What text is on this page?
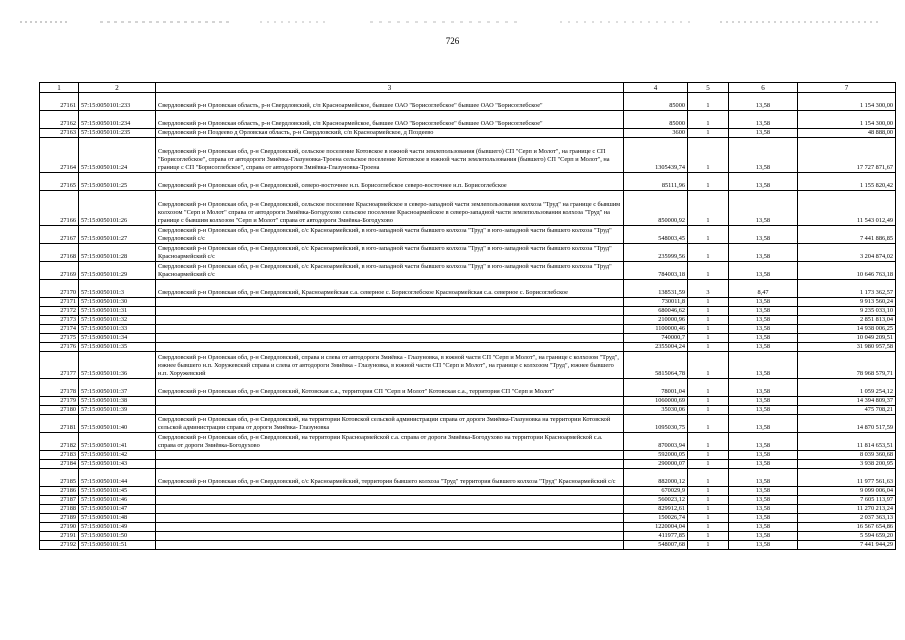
726
1	2	3	4	5	6	7
27161	57:15:0050101:233	Свердловский р-н Орловская область, р-н Свердловский, с/п Красноармейское, бывшее ОАО "Борисоглебское" бывшее ОАО "Борисоглебское"	85000	1	13,58	1 154 300,00
27162	57:15:0050101:234	Свердловский р-н Орловская область, р-н Свердловский, с/п Красноармейское, бывшее ОАО "Борисоглебское" бывшее ОАО "Борисоглебское"	85000	1	13,58	1 154 300,00
27163	57:15:0050101:235	Свердловский р-н Поздеево д Орловская область, р-н Свердловский, с/п Красноармейское, д Поздеево	3600	1	13,58	48 888,00
27164	57:15:0050101:24	Свердловский р-н Орловская обл, р-н Свердловский, сельское поселение Котовское в южной части землепользования (бывшего) СП "Серп и Молот", на границе с СП "Борисоглебское", справа от автодороги Змиёвка-Глазуновка-Троена сельское поселение Котовское в южной части землепользования (бывшего) СП "Серп и Молот", на границе с СП "Борисоглебское", справа от автодороги Змиёвка-Глазуновка-Троена	1305439,74	1	13,58	17 727 871,67
27165	57:15:0050101:25	Свердловский р-н Орловская обл, р-н Свердловский, северо-восточнее н.п. Борисоглебское северо-восточнее н.п. Борисоглебское	85111,96	1	13,58	1 155 820,42
27166	57:15:0050101:26	Свердловский р-н Орловская обл, р-н Свердловский, сельское поселение Красноармейское в северо-западной части землепользования колхоза "Труд" на границе с бывшим колхозом "Серп и Молот" справа от автодороги Змиёвка-Богодухово сельское поселение Красноармейское в северо-западной части землепользования колхоза "Труд" на границе с бывшим колхозом "Серп и Молот" справа от автодороги Змиёвка-Богодухово	850000,92	1	13,58	11 543 012,49
27167	57:15:0050101:27	Свердловский р-н Орловская обл, р-н Свердловский, с/с Красноармейский, в юго-западной части бывшего колхоза "Труд" в юго-западной части бывшего колхоза "Труд" Свердловский с/с	548003,45	1	13,58	7 441 886,85
27168	57:15:0050101:28	Свердловский р-н Орловская обл, р-н Свердловский, с/с Красноармейский, в юго-западной части бывшего колхоза "Труд" в юго-западной части бывшего колхоза "Труд" Красноармейский с/с	235999,56	1	13,58	3 204 874,02
27169	57:15:0050101:29	Свердловский р-н Орловская обл, р-н Свердловский, с/с Красноармейский, в юго-западной части бывшего колхоза "Труд" в юго-западной части бывшего колхоза "Труд" Красноармейский с/с	784003,18	1	13,58	10 646 763,18
27170	57:15:0050101:3	Свердловский р-н Орловская обл, р-н Свердловский, Красноармейская с.а. северное с. Борисоглебское Красноармейская с.а. северное с. Борисоглебское	138531,59	3	8,47	1 173 362,57
27171	57:15:0050101:30		730011,8	1	13,58	9 913 560,24
27172	57:15:0050101:31		680046,62	1	13,58	9 235 033,10
27173	57:15:0050101:32		210000,96	1	13,58	2 851 813,04
27174	57:15:0050101:33		1100000,46	1	13,58	14 938 006,25
27175	57:15:0050101:34		740000,7	1	13,58	10 049 209,51
27176	57:15:0050101:35		2355004,24	1	13,58	31 980 957,58
27177	57:15:0050101:36	Свердловский р-н Орловская обл, р-н Свердловский, справа и слева от автодороги Змиёвка - Глазуновка, в южной части СП "Серп и Молот", на границе с колхозом "Труд", южнее бывшего н.п. Хоружевский справа и слева от автодороги Змиёвка - Глазуновка, в южной части СП "Серп и Молот", на границе с колхозом "Труд", южнее бывшего н.п. Хоружевский	5815064,78	1	13,58	78 968 579,71
27178	57:15:0050101:37	Свердловский р-н Орловская обл, р-н Свердловский, Котовская с.а., территория СП "Серп и Молот" Котовская с.а., территория СП "Серп и Молот"	78001,04	1	13,58	1 059 254,12
27179	57:15:0050101:38		1060000,69	1	13,58	14 394 809,37
27180	57:15:0050101:39		35030,06	1	13,58	475 708,21
27181	57:15:0050101:40	Свердловский р-н Орловская обл, р-н Свердловский, на территории Котовской сельской администрации справа от дороги Змиёвка-Глазуновка на территории Котовской сельской администрации справа от дороги Змиёвка- Глазуновка	1095030,75	1	13,58	14 870 517,59
27182	57:15:0050101:41	Свердловский р-н Орловская обл, р-н Свердловский, на территории Красноармейской с.а. справа от дороги Змиёвка-Богодухово на территории Красноармейской с.а. справа от дороги Змиёвка-Богодухово	870003,94	1	13,58	11 814 653,51
27183	57:15:0050101:42		592000,05	1	13,58	8 039 360,68
27184	57:15:0050101:43		290000,07	1	13,58	3 938 200,95
27185	57:15:0050101:44	Свердловский р-н Орловская обл, р-н Свердловский, с/с Красноармейский, территория бывшего колхоза "Труд" территория бывшего колхоза "Труд" Красноармейский с/с	882000,12	1	13,58	11 977 561,63
27186	57:15:0050101:45		670029,9	1	13,58	9 099 006,04
27187	57:15:0050101:46		560023,12	1	13,58	7 605 113,97
27188	57:15:0050101:47		829912,61	1	13,58	11 270 213,24
27189	57:15:0050101:48		150026,74	1	13,58	2 037 363,13
27190	57:15:0050101:49		1220004,04	1	13,58	16 567 654,86
27191	57:15:0050101:50		411977,85	1	13,58	5 594 659,20
27192	57:15:0050101:51		548007,68	1	13,58	7 441 944,29
